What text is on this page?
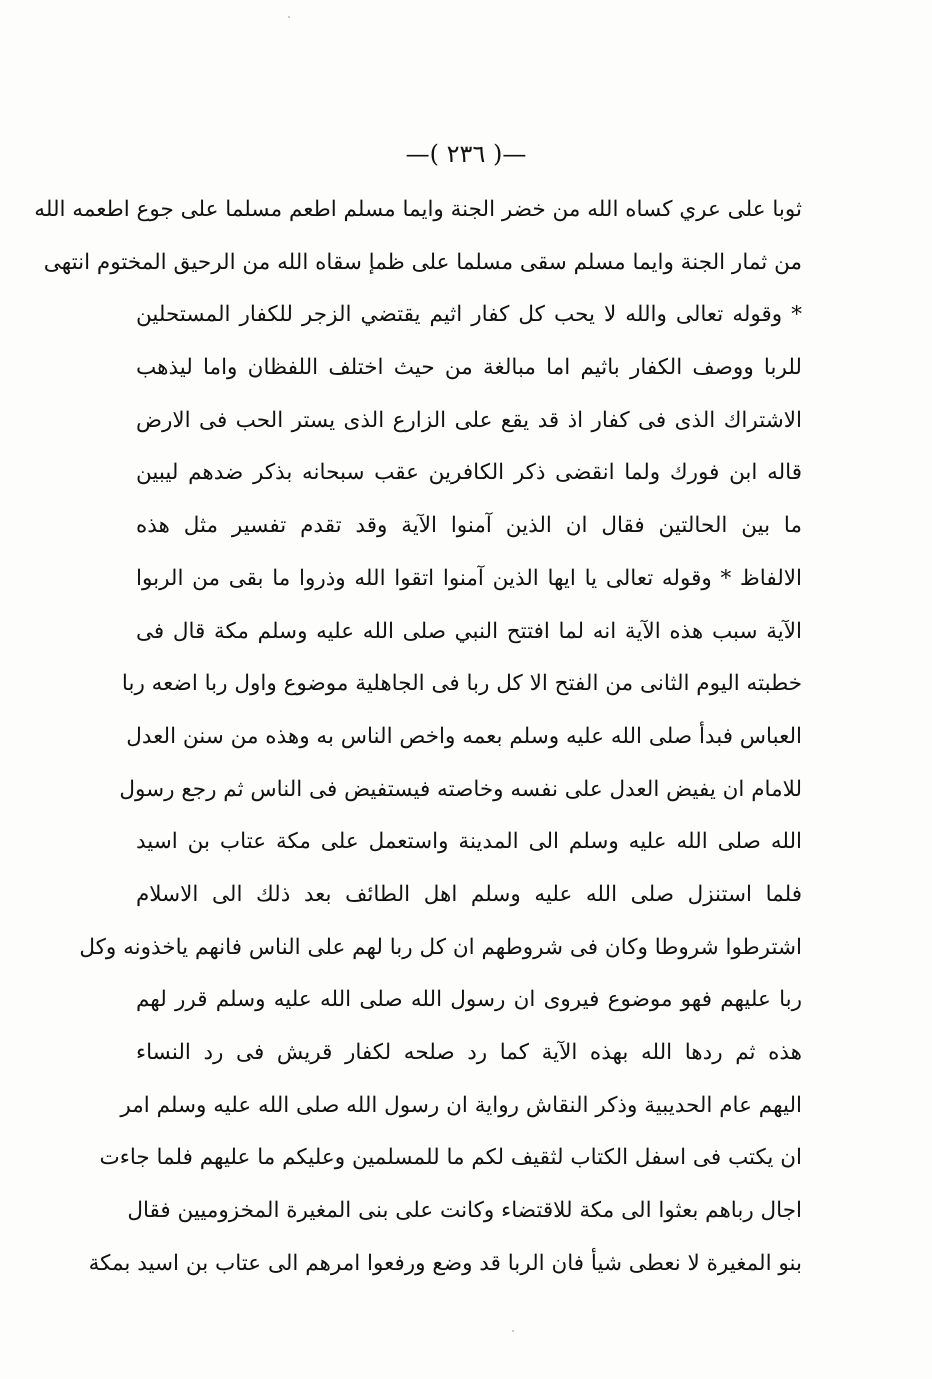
—( ٢٣٦ )—
ثوبا على عري كساه الله من خضر الجنة وايما مسلم اطعم مسلما على جوع اطعمه الله
من ثمار الجنة وايما مسلم سقى مسلما على ظمإ سقاه الله من الرحيق المختوم انتهى
* وقوله تعالى والله لا يحب كل كفار اثيم يقتضي الزجر للكفار المستحلين
للربا ووصف الكفار باثيم اما مبالغة من حيث اختلف اللفظان واما ليذهب
الاشتراك الذى فى كفار اذ قد يقع على الزارع الذى يستر الحب فى الارض
قاله ابن فورك ولما انقضى ذكر الكافرين عقب سبحانه بذكر ضدهم ليبين
ما بين الحالتين فقال ان الذين آمنوا الآية وقد تقدم تفسير مثل هذه
الالفاظ * وقوله تعالى يا ايها الذين آمنوا اتقوا الله وذروا ما بقى من الربوا
الآية سبب هذه الآية انه لما افتتح النبي صلى الله عليه وسلم مكة قال فى
خطبته اليوم الثانى من الفتح الا كل ربا فى الجاهلية موضوع واول ربا اضعه ربا
العباس فبدأ صلى الله عليه وسلم بعمه واخص الناس به وهذه من سنن العدل
للامام ان يفيض العدل على نفسه وخاصته فيستفيض فى الناس ثم رجع رسول
الله صلى الله عليه وسلم الى المدينة واستعمل على مكة عتاب بن اسيد
فلما استنزل صلى الله عليه وسلم اهل الطائف بعد ذلك الى الاسلام
اشترطوا شروطا وكان فى شروطهم ان كل ربا لهم على الناس فانهم ياخذونه وكل
ربا عليهم فهو موضوع فيروى ان رسول الله صلى الله عليه وسلم قرر لهم
هذه ثم ردها الله بهذه الآية كما رد صلحه لكفار قريش فى رد النساء
اليهم عام الحديبية وذكر النقاش رواية ان رسول الله صلى الله عليه وسلم امر
ان يكتب فى اسفل الكتاب لثقيف لكم ما للمسلمين وعليكم ما عليهم فلما جاءت
اجال رباهم بعثوا الى مكة للاقتضاء وكانت على بنى المغيرة المخزوميين فقال
بنو المغيرة لا نعطى شيأ فان الربا قد وضع ورفعوا امرهم الى عتاب بن اسيد بمكة
